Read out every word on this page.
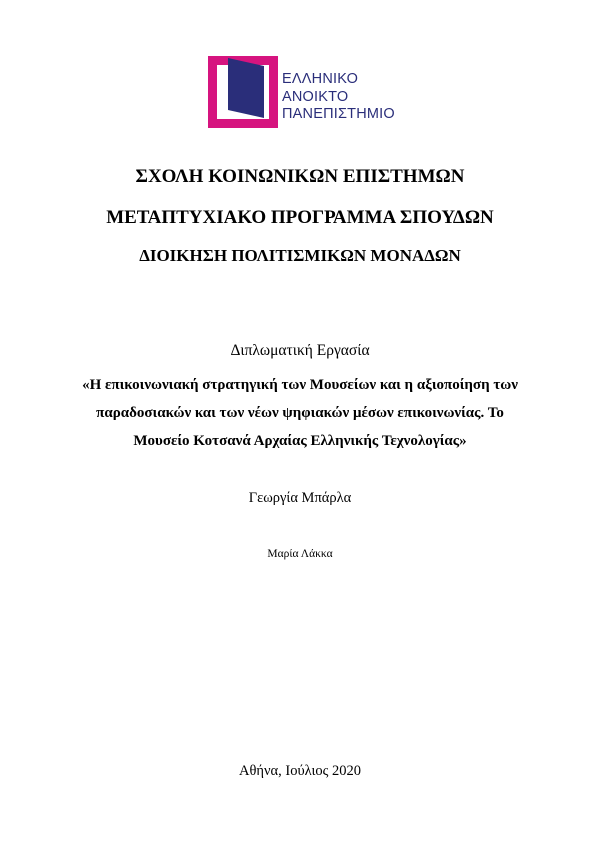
ΕΛΛΗΝΙΚΟ
ΑΝΟΙΚΤΟ
ΠΑΝΕΠΙΣΤΗΜΙΟ
ΣΧΟΛΗ ΚΟΙΝΩΝΙΚΩΝ ΕΠΙΣΤΗΜΩΝ
ΜΕΤΑΠΤΥΧΙΑΚΟ ΠΡΟΓΡΑΜΜΑ ΣΠΟΥΔΩΝ
ΔΙΟΙΚΗΣΗ ΠΟΛΙΤΙΣΜΙΚΩΝ ΜΟΝΑΔΩΝ
Διπλωματική Εργασία
«Η επικοινωνιακή στρατηγική των Μουσείων και η αξιοποίηση των
παραδοσιακών και των νέων ψηφιακών μέσων επικοινωνίας. Το
Μουσείο Κοτσανά Αρχαίας Ελληνικής Τεχνολογίας»
Γεωργία Μπάρλα
Μαρία Λάκκα
Αθήνα, Ιούλιος 2020
